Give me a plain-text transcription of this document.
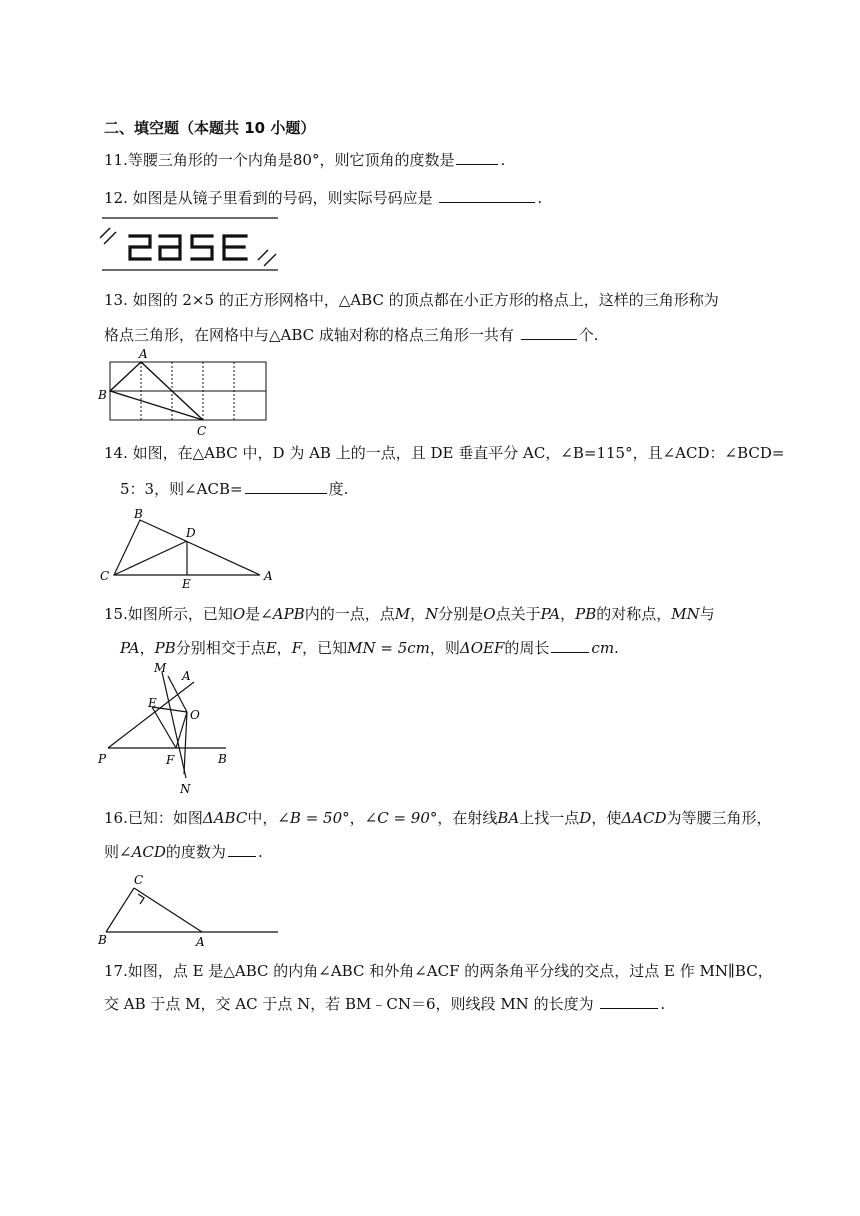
二、填空题（本题共 10 小题）
11.等腰三角形的一个内角是80°，则它顶角的度数是	.
12. 如图是从镜子里看到的号码，则实际号码应是	.
13. 如图的 2×5 的正方形网格中，△ABC 的顶点都在小正方形的格点上，这样的三角形称为
格点三角形，在网格中与△ABC 成轴对称的格点三角形一共有	个.
A
B
C
14. 如图，在△ABC 中，D 为 AB 上的一点，且 DE 垂直平分 AC，∠B=115°，且∠ACD：∠BCD=
5：3，则∠ACB=	度.
B
D
C
E
A
15.如图所示，已知O是∠APB内的一点，点M，N分别是O点关于PA，PB的对称点，MN与
PA，PB分别相交于点E，F，已知MN = 5cm，则ΔOEF的周长	cm.
M
A
E
O
P	F	B
N
16.已知：如图ΔABC中，∠B = 50°，∠C = 90°，在射线BA上找一点D，使ΔACD为等腰三角形，
则∠ACD的度数为 .
C
B	A
17.如图，点 E 是△ABC 的内角∠ABC 和外角∠ACF 的两条角平分线的交点，过点 E 作 MN∥BC，
交 AB 于点 M，交 AC 于点 N，若 BM﹣CN＝6，则线段 MN 的长度为	.
